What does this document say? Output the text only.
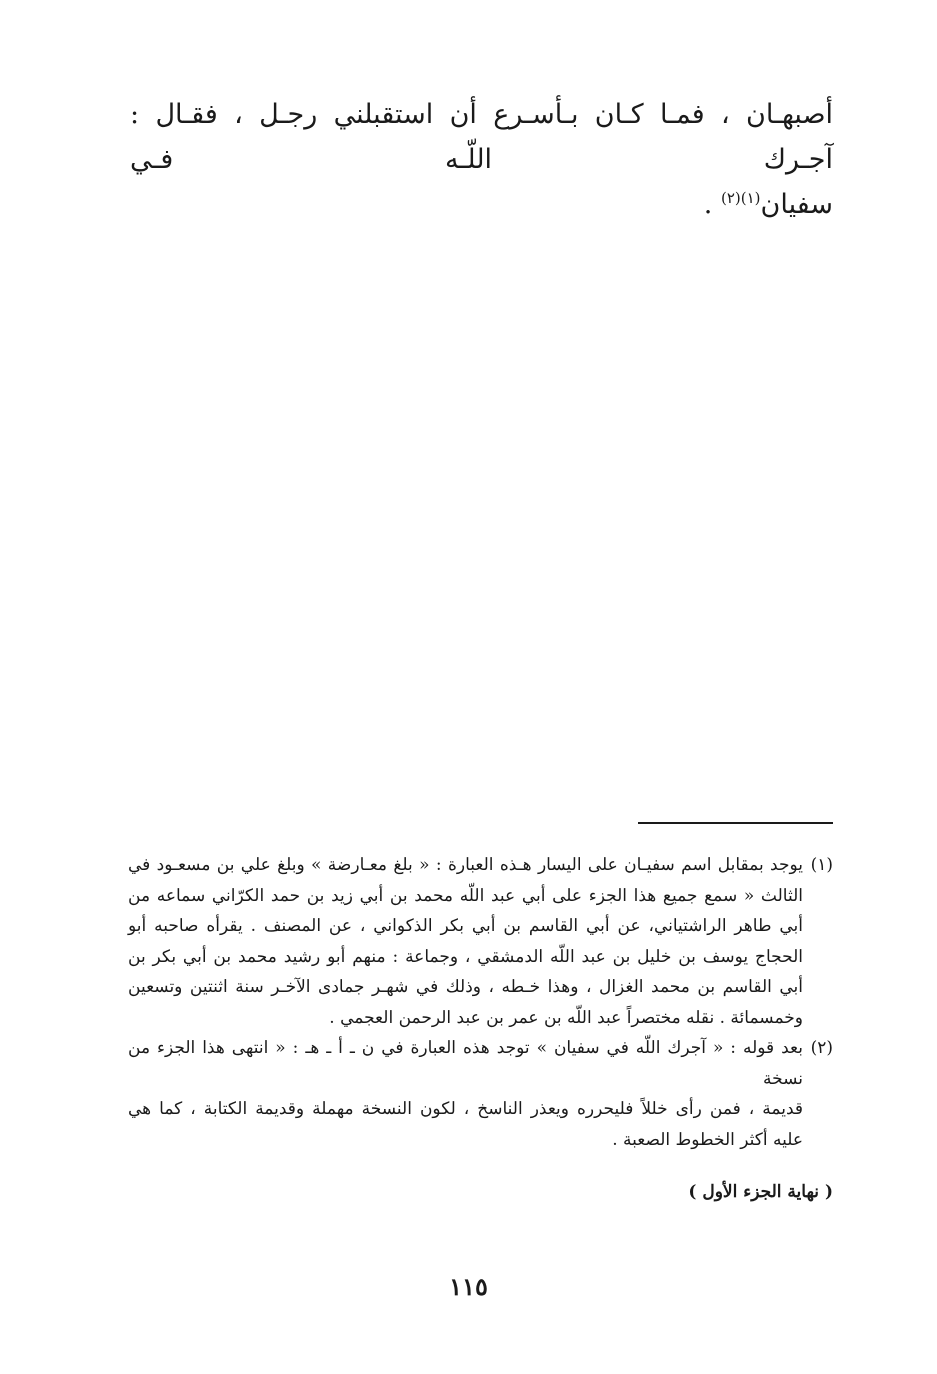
أصبهـان ، فمـا كـان بـأسـرع أن استقبلني رجـل ، فقـال : آجـرك اللّـه فـي
سفيان$^{(١)(٢)}$ .
(١)
يوجد بمقابل اسم سفيـان على اليسار هـذه العبارة : « بلغ معـارضة » وبلغ علي بن مسعـود في
الثالث « سمع جميع هذا الجزء على أبي عبد اللّه محمد بن أبي زيد بن حمد الكرّاني سماعه من
أبي طاهر الراشتياني، عن أبي القاسم بن أبي بكر الذكواني ، عن المصنف . يقرأه صاحبه أبو
الحجاج يوسف بن خليل بن عبد اللّه الدمشقي ، وجماعة : منهم أبو رشيد محمد بن أبي بكر بن
أبي القاسم بن محمد الغزال ، وهذا خـطه ، وذلك في شهـر جمادى الآخـر سنة اثنتين وتسعين
وخمسمائة . نقله مختصراً عبد اللّه بن عمر بن عبد الرحمن العجمي .
(٢)
بعد قوله : « آجرك اللّه في سفيان » توجد هذه العبارة في ن ـ أ ـ هـ : « انتهى هذا الجزء من نسخة
قديمة ، فمن رأى خللاً فليحرره ويعذر الناسخ ، لكون النسخة مهملة وقديمة الكتابة ، كما هي
عليه أكثر الخطوط الصعبة .
( نهاية الجزء الأول )
١١٥
